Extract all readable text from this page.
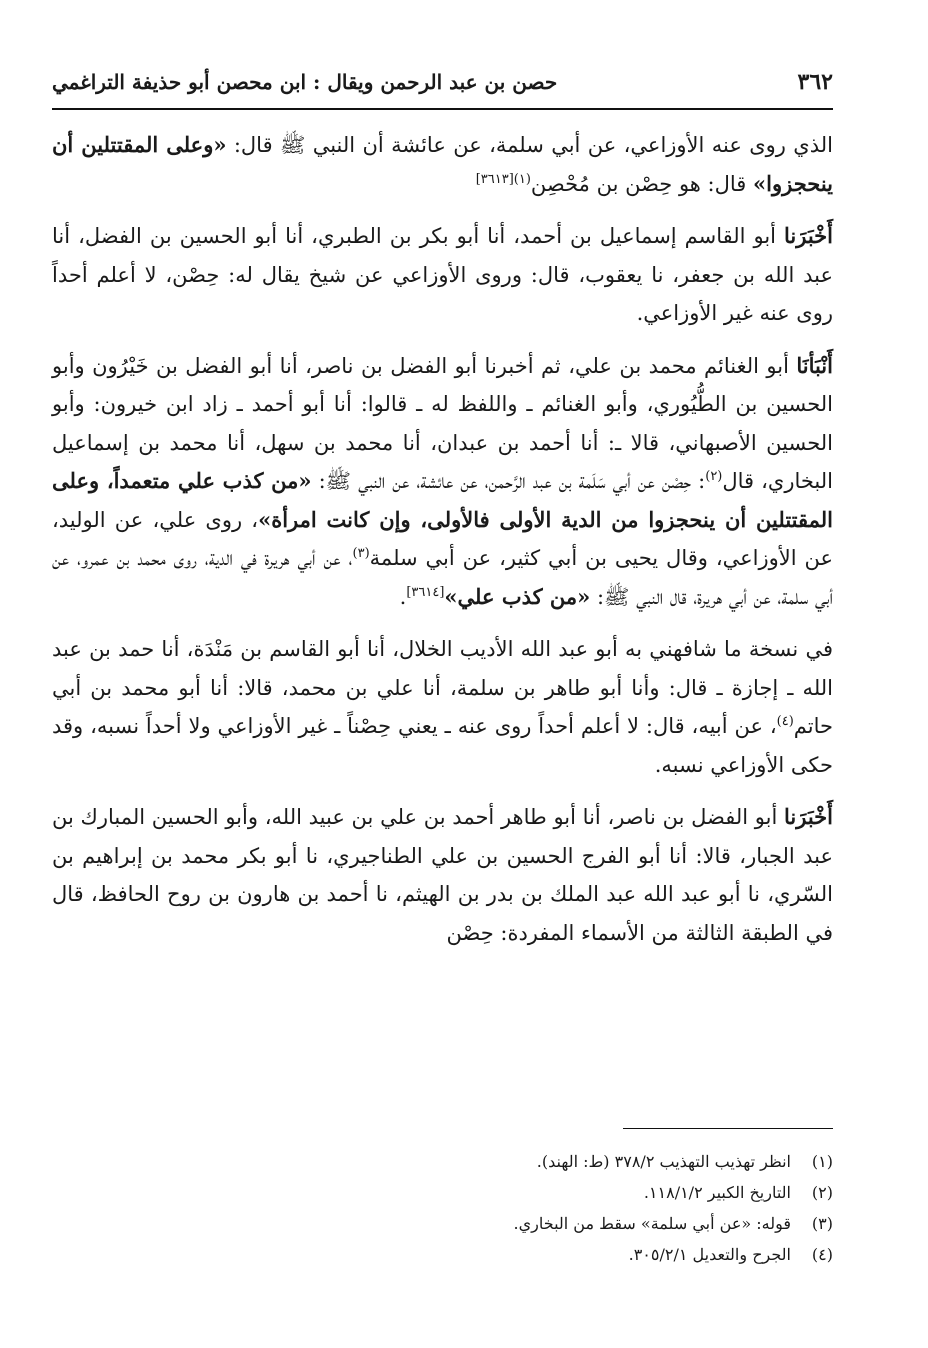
٣٦٢
حصن بن عبد الرحمن ويقال : ابن محصن أبو حذيفة التراغمي

الذي روى عنه الأوزاعي، عن أبي سلمة، عن عائشة أن النبي ﷺ قال: «وعلى المقتتلين أن ينحجزوا» قال: هو حِصْن بن مُحْصِن$^{(١)[٣٦١٣]}$

أَخْبَرَنا أبو القاسم إسماعيل بن أحمد، أنا أبو بكر بن الطبري، أنا أبو الحسين بن الفضل، أنا عبد الله بن جعفر، نا يعقوب، قال: وروى الأوزاعي عن شيخ يقال له: حِصْن، لا أعلم أحداً روى عنه غير الأوزاعي.

أَنْبَأنَا أبو الغنائم محمد بن علي، ثم أخبرنا أبو الفضل بن ناصر، أنا أبو الفضل بن خَيْرُون وأبو الحسين بن الطُّيُوري، وأبو الغنائم ـ واللفظ له ـ قالوا: أنا أبو أحمد ـ زاد ابن خيرون: وأبو الحسين الأصبهاني، قالا ـ: أنا أحمد بن عبدان، أنا محمد بن سهل، أنا محمد بن إسماعيل البخاري، قال$^{(٢)}$: حِصْن عن أبي سَلَمة بن عبد الرَّحمن، عن عائشة، عن النبي ﷺ: «من كذب علي متعمداً، وعلى المقتتلين أن ينحجزوا من الدية الأولى فالأولى، وإن كانت امرأة»، روى علي، عن الوليد، عن الأوزاعي، وقال يحيى بن أبي كثير، عن أبي سلمة$^{(٣)}$، عن أبي هريرة في الدية، روى محمد بن عمرو، عن أبي سلمة، عن أبي هريرة، قال النبي ﷺ: «من كذب علي»[٣٦١٤].

في نسخة ما شافهني به أبو عبد الله الأديب الخلال، أنا أبو القاسم بن مَنْدَة، أنا حمد بن عبد الله ـ إجازة ـ قال: وأنا أبو طاهر بن سلمة، أنا علي بن محمد، قالا: أنا أبو محمد بن أبي حاتم$^{(٤)}$، عن أبيه، قال: لا أعلم أحداً روى عنه ـ يعني حِصْناً ـ غير الأوزاعي ولا أحداً نسبه، وقد حكى الأوزاعي نسبه.

أَخْبَرَنا أبو الفضل بن ناصر، أنا أبو طاهر أحمد بن علي بن عبيد الله، وأبو الحسين المبارك بن عبد الجبار، قالا: أنا أبو الفرج الحسين بن علي الطناجيري، نا أبو بكر محمد بن إبراهيم بن السّري، نا أبو عبد الله عبد الملك بن بدر بن الهيثم، نا أحمد بن هارون بن روح الحافظ، قال في الطبقة الثالثة من الأسماء المفردة: حِصْن

(١)
انظر تهذيب التهذيب ٣٧٨/٢ (ط: الهند).
(٢)
التاريخ الكبير ١١٨/١/٢.
(٣)
قوله: «عن أبي سلمة» سقط من البخاري.
(٤)
الجرح والتعديل ٣٠٥/٢/١.
